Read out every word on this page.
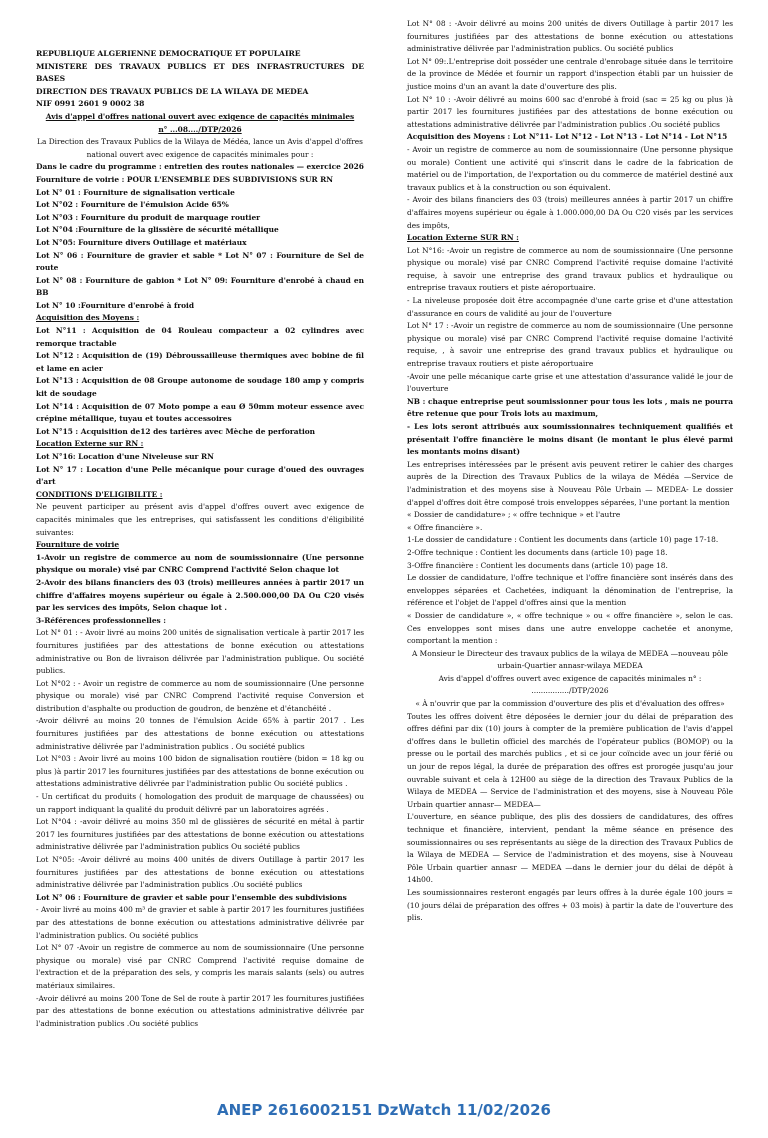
REPUBLIQUE ALGERIENNE DEMOCRATIQUE ET POPULAIRE

MINISTERE DES TRAVAUX PUBLICS ET DES INFRASTRUCTURES DE BASES

DIRECTION DES TRAVAUX PUBLICS DE LA WILAYA DE MEDEA

NIF 0991 2601 9 0002 38

Avis d'appel d'offres national ouvert avec exigence de capacités minimales

n° ...08..../DTP/2026

La Direction des Travaux Publics de la Wilaya de Médéa, lance un Avis d'appel d'offres national ouvert avec exigence de capacités minimales pour :

Dans le cadre du programme : entretien des routes nationales — exercice 2026

Fourniture de voirie : POUR L'ENSEMBLE DES SUBDIVISIONS SUR RN

Lot N° 01 : Fourniture de signalisation verticale

Lot N°02 : Fourniture de l'émulsion Acide 65%

Lot N°03 : Fourniture du produit de marquage routier

Lot N°04 :Fourniture de la glissière de sécurité métallique

Lot N°05: Fourniture divers Outillage et matériaux

Lot N° 06 : Fourniture de gravier et sable * Lot N° 07 : Fourniture de Sel de route

Lot N° 08 : Fourniture de gabion * Lot N° 09: Fourniture d'enrobé à chaud en BB

Lot N° 10 :Fourniture d'enrobé à froid

Acquisition des Moyens :

Lot N°11 : Acquisition de 04 Rouleau compacteur a 02 cylindres avec remorque tractable

Lot N°12 : Acquisition de (19) Débroussailleuse thermiques avec bobine de fil et lame en acier

Lot N°13 : Acquisition de 08 Groupe autonome de soudage 180 amp y compris kit de soudage

Lot N°14 : Acquisition de 07 Moto pompe a eau Ø 50mm moteur essence avec crépine métallique, tuyau et toutes accessoires

Lot N°15 : Acquisition de12 des tarières avec Mèche de perforation

Location Externe sur RN :

Lot N°16: Location d'une Niveleuse sur RN

Lot N° 17 : Location d'une Pelle mécanique pour curage d'oued des ouvrages d'art

CONDITIONS D'ELIGIBILITE :

Ne peuvent participer au présent avis d'appel d'offres ouvert avec exigence de capacités minimales que les entreprises, qui satisfassent les conditions d'éligibilité suivantes:

Fourniture de voirie

1-Avoir un registre de commerce au nom de soumissionnaire (Une personne physique ou morale) visé par CNRC Comprend l'activité Selon chaque lot

2-Avoir des bilans financiers des 03 (trois) meilleures années à partir 2017 un chiffre d'affaires moyens supérieur ou égale à 2.500.000,00 DA Ou C20 visés par les services des impôts, Selon chaque lot .

3-Références professionnelles :

Lot N° 01 : - Avoir livré au moins 200 unités de signalisation verticale à partir 2017 les fournitures justifiées par des attestations de bonne exécution ou attestations administrative ou Bon de livraison délivrée par l'administration publique. Ou société publics.

Lot N°02 : - Avoir un registre de commerce au nom de soumissionnaire (Une personne physique ou morale) visé par CNRC Comprend l'activité requise Conversion et distribution d'asphalte ou production de goudron, de benzène et d'étanchéité .

-Avoir délivré au moins 20 tonnes de l'émulsion Acide 65% à partir 2017 . Les fournitures justifiées par des attestations de bonne exécution ou attestations administrative délivrée par l'administration publics . Ou société publics

Lot N°03 : Avoir livré au moins 100 bidon de signalisation routière (bidon = 18 kg ou plus )à partir 2017 les fournitures justifiées par des attestations de bonne exécution ou attestations administrative délivrée par l'administration public Ou société publics .

- Un certificat du produits ( homologation des produit de marquage de chaussées) ou un rapport indiquant la qualité du produit délivré par un laboratoires agréés .

Lot N°04 : -avoir délivré au moins 350 ml de glissières de sécurité en métal à partir 2017 les fournitures justifiées par des attestations de bonne exécution ou attestations administrative délivrée par l'administration publics Ou société publics

Lot N°05: -Avoir délivré au moins 400 unités de divers Outillage à partir 2017 les fournitures justifiées par des attestations de bonne exécution ou attestations administrative délivrée par l'administration publics .Ou société publics

Lot N° 06 : Fourniture de gravier et sable pour l'ensemble des subdivisions

- Avoir livré au moins 400 m³ de gravier et sable à partir 2017 les fournitures justifiées par des attestations de bonne exécution ou attestations administrative délivrée par l'administration publics. Ou société publics

Lot N° 07 -Avoir un registre de commerce au nom de soumissionnaire (Une personne physique ou morale) visé par CNRC Comprend l'activité requise domaine de l'extraction et de la préparation des sels, y compris les marais salants (sels) ou autres matériaux similaires.

-Avoir délivré au moins 200 Tone de Sel de route à partir 2017 les fournitures justifiées par des attestations de bonne exécution ou attestations administrative délivrée par l'administration publics .Ou société publics

Lot N° 08 : -Avoir délivré au moins 200 unités de divers Outillage à partir 2017 les fournitures justifiées par des attestations de bonne exécution ou attestations administrative délivrée par l'administration publics. Ou société publics

Lot N° 09:.L'entreprise doit posséder une centrale d'enrobage située dans le territoire de la province de Médée et fournir un rapport d'inspection établi par un huissier de justice moins d'un an avant la date d'ouverture des plis.

Lot N° 10 : -Avoir délivré au moins 600 sac d'enrobé à froid (sac = 25 kg ou plus )à partir 2017 les fournitures justifiées par des attestations de bonne exécution ou attestations administrative délivrée par l'administration publics .Ou société publics

Acquisition des Moyens : Lot N°11- Lot N°12 - Lot N°13 - Lot N°14 - Lot N°15

- Avoir un registre de commerce au nom de soumissionnaire (Une personne physique ou morale) Contient une activité qui s'inscrit dans le cadre de la fabrication de matériel ou de l'importation, de l'exportation ou du commerce de matériel destiné aux travaux publics et à la construction ou son équivalent.

- Avoir des bilans financiers des 03 (trois) meilleures années à partir 2017 un chiffre d'affaires moyens supérieur ou égale à 1.000.000,00 DA Ou C20 visés par les services des impôts,

Location Externe SUR RN :

Lot N°16: -Avoir un registre de commerce au nom de soumissionnaire (Une personne physique ou morale) visé par CNRC Comprend l'activité requise domaine l'activité requise, à savoir une entreprise des grand travaux publics et hydraulique ou entreprise travaux routiers et piste aéroportuaire.

- La niveleuse proposée doit être accompagnée d'une carte grise et d'une attestation d'assurance en cours de validité au jour de l'ouverture

Lot N° 17 : -Avoir un registre de commerce au nom de soumissionnaire (Une personne physique ou morale) visé par CNRC Comprend l'activité requise domaine l'activité requise, , à savoir une entreprise des grand travaux publics et hydraulique ou entreprise travaux routiers et piste aéroportuaire

-Avoir une pelle mécanique carte grise et une attestation d'assurance validé le jour de l'ouverture

NB : chaque entreprise peut soumissionner pour tous les lots , mais ne pourra être retenue que pour Trois lots au maximum,

- Les lots seront attribués aux soumissionnaires techniquement qualifiés et présentait l'offre financière le moins disant (le montant le plus élevé parmi les montants moins disant)

Les entreprises intéressées par le présent avis peuvent retirer le cahier des charges auprès de la Direction des Travaux Publics de la wilaya de Médéa —Service de l'administration et des moyens sise à Nouveau Pôle Urbain — MEDEA- Le dossier d'appel d'offres doit être composé trois enveloppes séparées, l'une portant la mention

« Dossier de candidature» ; « offre technique » et l'autre

« Offre financière ».

1-Le dossier de candidature : Contient les documents dans (article 10) page 17-18.

2-Offre technique : Contient les documents dans (article 10) page 18.

3-Offre financière : Contient les documents dans (article 10) page 18.

Le dossier de candidature, l'offre technique et l'offre financière sont insérés dans des enveloppes séparées et Cachetées, indiquant la dénomination de l'entreprise, la référence et l'objet de l'appel d'offres ainsi que la mention

« Dossier de candidature », « offre technique » ou « offre financière », selon le cas. Ces enveloppes sont mises dans une autre enveloppe cachetée et anonyme, comportant la mention :

A Monsieur le Directeur des travaux publics de la wilaya de MEDEA —nouveau pôle urbain-Quartier annasr-wilaya MEDEA

Avis d'appel d'offres ouvert avec exigence de capacités minimales n° : ................/DTP/2026

« À n'ouvrir que par la commission d'ouverture des plis et d'évaluation des offres»

Toutes les offres doivent être déposées le dernier jour du délai de préparation des offres défini par dix (10) jours à compter de la première publication de l'avis d'appel d'offres dans le bulletin officiel des marchés de l'opérateur publics (BOMOP) ou la presse ou le portail des marchés publics , et si ce jour coïncide avec un jour férié ou un jour de repos légal, la durée de préparation des offres est prorogée jusqu'au jour ouvrable suivant et cela à 12H00 au siège de la direction des Travaux Publics de la Wilaya de MEDEA — Service de l'administration et des moyens, sise à Nouveau Pôle Urbain quartier annasr— MEDEA—

L'ouverture, en séance publique, des plis des dossiers de candidatures, des offres technique et financière, intervient, pendant la même séance en présence des soumissionnaires ou ses représentants au siège de la direction des Travaux Publics de la Wilaya de MEDEA — Service de l'administration et des moyens, sise à Nouveau Pôle Urbain quartier annasr — MEDEA —dans le dernier jour du délai de dépôt à 14h00.

Les soumissionnaires resteront engagés par leurs offres à la durée égale 100 jours = (10 jours délai de préparation des offres + 03 mois) à partir la date de l'ouverture des plis.

ANEP 2616002151 DzWatch 11/02/2026
